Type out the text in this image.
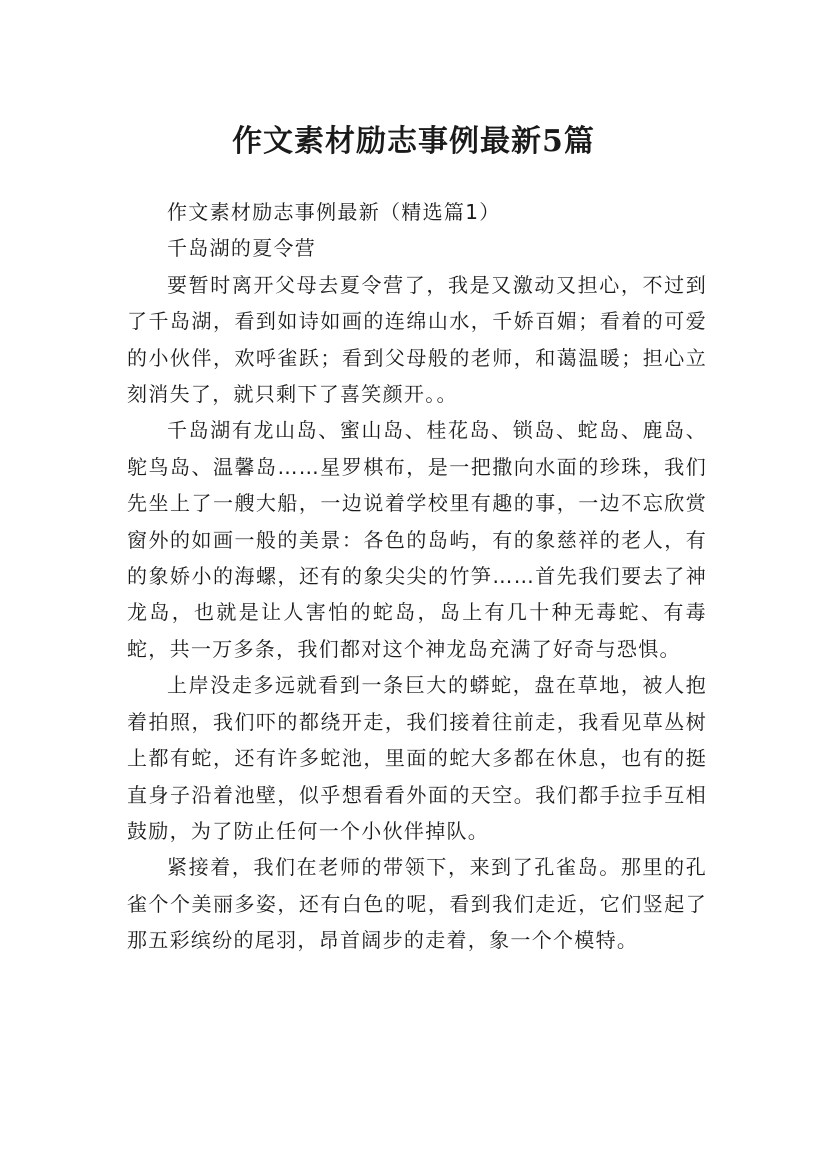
作文素材励志事例最新5篇

作文素材励志事例最新（精选篇1）

千岛湖的夏令营

要暂时离开父母去夏令营了，我是又激动又担心，不过到了千岛湖，看到如诗如画的连绵山水，千娇百媚；看着的可爱的小伙伴，欢呼雀跃；看到父母般的老师，和蔼温暖；担心立刻消失了，就只剩下了喜笑颜开。。

千岛湖有龙山岛、蜜山岛、桂花岛、锁岛、蛇岛、鹿岛、鸵鸟岛、温馨岛……星罗棋布，是一把撒向水面的珍珠，我们先坐上了一艘大船，一边说着学校里有趣的事，一边不忘欣赏窗外的如画一般的美景：各色的岛屿，有的象慈祥的老人，有的象娇小的海螺，还有的象尖尖的竹笋……首先我们要去了神龙岛，也就是让人害怕的蛇岛，岛上有几十种无毒蛇、有毒蛇，共一万多条，我们都对这个神龙岛充满了好奇与恐惧。

上岸没走多远就看到一条巨大的蟒蛇，盘在草地，被人抱着拍照，我们吓的都绕开走，我们接着往前走，我看见草丛树上都有蛇，还有许多蛇池，里面的蛇大多都在休息，也有的挺直身子沿着池壁，似乎想看看外面的天空。我们都手拉手互相鼓励，为了防止任何一个小伙伴掉队。

紧接着，我们在老师的带领下，来到了孔雀岛。那里的孔雀个个美丽多姿，还有白色的呢，看到我们走近，它们竖起了那五彩缤纷的尾羽，昂首阔步的走着，象一个个模特。
